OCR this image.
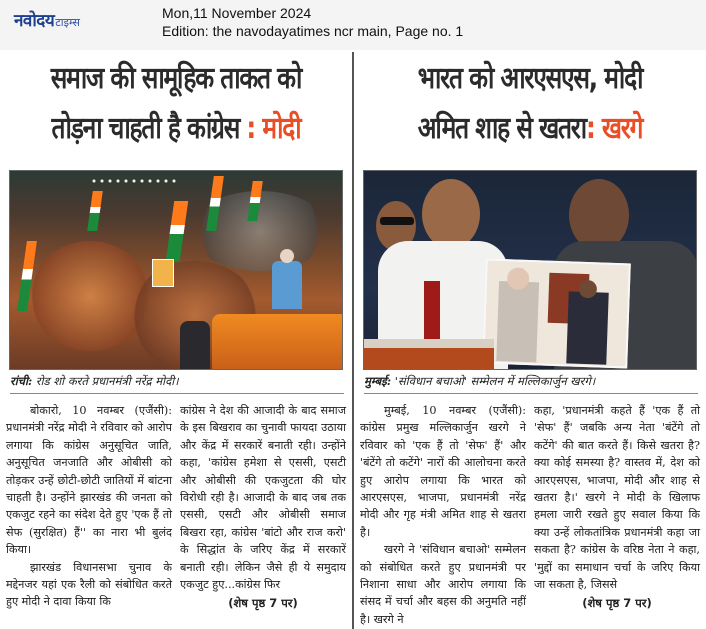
नवोदय टाइम्स
Mon,11 November 2024
Edition: the navodayatimes ncr main, Page no. 1
समाज की सामूहिक ताकत को
तोड़ना चाहती है कांग्रेस : मोदी
रांची: रोड शो करते प्रधानमंत्री नरेंद्र मोदी।

बोकारो, 10 नवम्बर (एजैंसी): प्रधानमंत्री नरेंद्र मोदी ने रविवार को आरोप लगाया कि कांग्रेस अनुसूचित जाति, अनुसूचित जनजाति और ओबीसी को तोड़कर उन्हें छोटी-छोटी जातियों में बांटना चाहती है। उन्होंने झारखंड की जनता को एकजुट रहने का संदेश देते हुए 'एक हैं तो सेफ (सुरक्षित) हैं'' का नारा भी बुलंद किया।

झारखंड विधानसभा चुनाव के मद्देनजर यहां एक रैली को संबोधित करते हुए मोदी ने दावा किया कि

कांग्रेस ने देश की आजादी के बाद समाज के इस बिखराव का चुनावी फायदा उठाया और केंद्र में सरकारें बनाती रही। उन्होंने कहा, 'कांग्रेस हमेशा से एससी, एसटी और ओबीसी की एकजुटता की घोर विरोधी रही है। आजादी के बाद जब तक एससी, एसटी और ओबीसी समाज बिखरा रहा, कांग्रेस 'बांटो और राज करो' के सिद्धांत के जरिए केंद्र में सरकारें बनाती रही। लेकिन जैसे ही ये समुदाय एकजुट हुए...कांग्रेस फिर

(शेष पृष्ठ 7 पर)
भारत को आरएसएस, मोदी
अमित शाह से खतरा: खरगे
मुम्बई: 'संविधान बचाओ' सम्मेलन में मल्लिकार्जुन खरगे।

मुम्बई, 10 नवम्बर (एजैंसी): कांग्रेस प्रमुख मल्लिकार्जुन खरगे ने रविवार को 'एक हैं तो 'सेफ' हैं' और 'बंटेंगे तो कटेंगे' नारों की आलोचना करते हुए आरोप लगाया कि भारत को आरएसएस, भाजपा, प्रधानमंत्री नरेंद्र मोदी और गृह मंत्री अमित शाह से खतरा है।

खरगे ने 'संविधान बचाओ' सम्मेलन को संबोधित करते हुए प्रधानमंत्री पर निशाना साधा और आरोप लगाया कि संसद में चर्चा और बहस की अनुमति नहीं है। खरगे ने

कहा, 'प्रधानमंत्री कहते हैं 'एक हैं तो 'सेफ' हैं' जबकि अन्य नेता 'बंटेंगे तो कटेंगे' की बात करते हैं। किसे खतरा है? क्या कोई समस्या है? वास्तव में, देश को आरएसएस, भाजपा, मोदी और शाह से खतरा है।' खरगे ने मोदी के खिलाफ हमला जारी रखते हुए सवाल किया कि क्या उन्हें लोकतांत्रिक प्रधानमंत्री कहा जा सकता है? कांग्रेस के वरिष्ठ नेता ने कहा, 'मुद्दों का समाधान चर्चा के जरिए किया जा सकता है, जिससे

(शेष पृष्ठ 7 पर)
